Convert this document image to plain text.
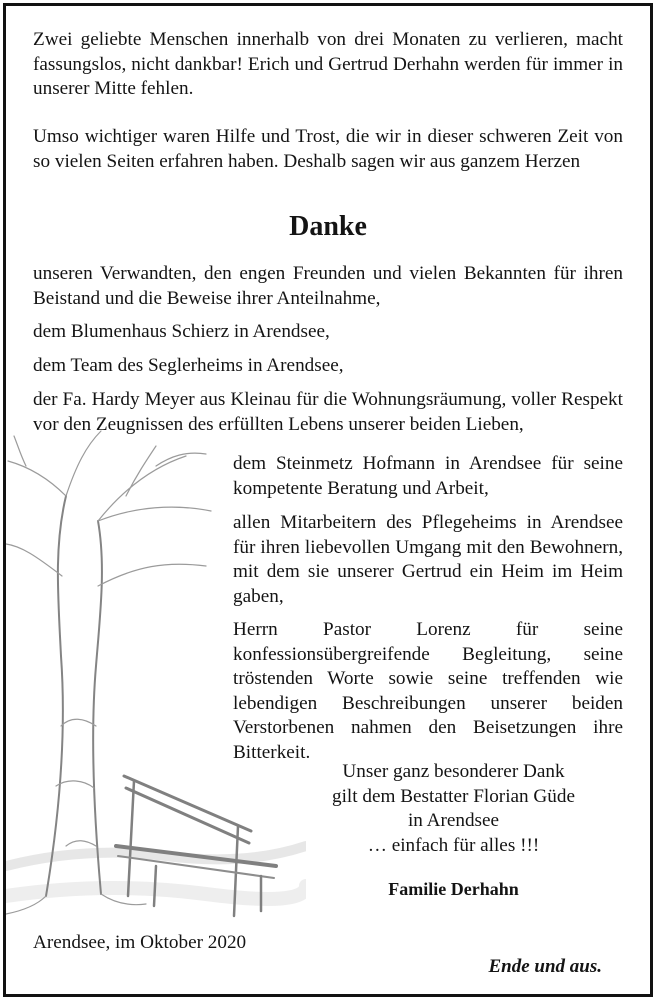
Zwei geliebte Menschen innerhalb von drei Monaten zu verlieren, macht fassungslos, nicht dankbar! Erich und Gertrud Derhahn werden für immer in unserer Mitte fehlen.

Umso wichtiger waren Hilfe und Trost, die wir in dieser schweren Zeit von so vielen Seiten erfahren haben. Deshalb sagen wir aus ganzem Herzen

Danke

unseren Verwandten, den engen Freunden und vielen Bekannten für ihren Beistand und die Beweise ihrer Anteilnahme,

dem Blumenhaus Schierz in Arendsee,

dem Team des Seglerheims in Arendsee,

der Fa. Hardy Meyer aus Kleinau für die Wohnungsräumung, voller Respekt vor den Zeugnissen des erfüllten Lebens unserer beiden Lieben,

dem Steinmetz Hofmann in Arendsee für seine kompetente Beratung und Arbeit,

allen Mitarbeitern des Pflegeheims in Arendsee für ihren liebevollen Umgang mit den Bewohnern, mit dem sie unserer Gertrud ein Heim im Heim gaben,

Herrn Pastor Lorenz für seine konfessionsübergreifende Begleitung, seine tröstenden Worte sowie seine treffenden wie lebendigen Beschreibungen unserer beiden Verstorbenen nahmen den Beisetzungen ihre Bitterkeit.

Unser ganz besonderer Dank
gilt dem Bestatter Florian Güde
in Arendsee
… einfach für alles !!!
Familie Derhahn
Arendsee, im Oktober 2020
Ende und aus.
